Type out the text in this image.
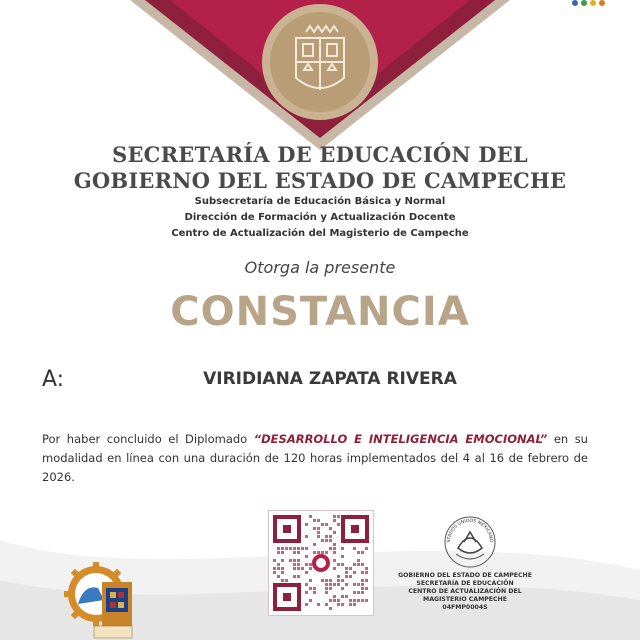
SECRETARÍA DE EDUCACIÓN DEL
GOBIERNO DEL ESTADO DE CAMPECHE
Subsecretaría de Educación Básica y Normal
Dirección de Formación y Actualización Docente
Centro de Actualización del Magisterio de Campeche
Otorga la presente
CONSTANCIA
A:	VIRIDIANA ZAPATA RIVERA
Por haber concluido el Diplomado “DESARROLLO E INTELIGENCIA EMOCIONAL” en su modalidad en línea con una duración de 120 horas implementados del 4 al 16 de febrero de 2026.
STADOS UNIDOS MEXICANO
GOBIERNO DEL ESTADO DE CAMPECHE
SECRETARÍA DE EDUCACIÓN
CENTRO DE ACTUALIZACIÓN DEL
MAGISTERIO CAMPECHE
04FMP0004S
